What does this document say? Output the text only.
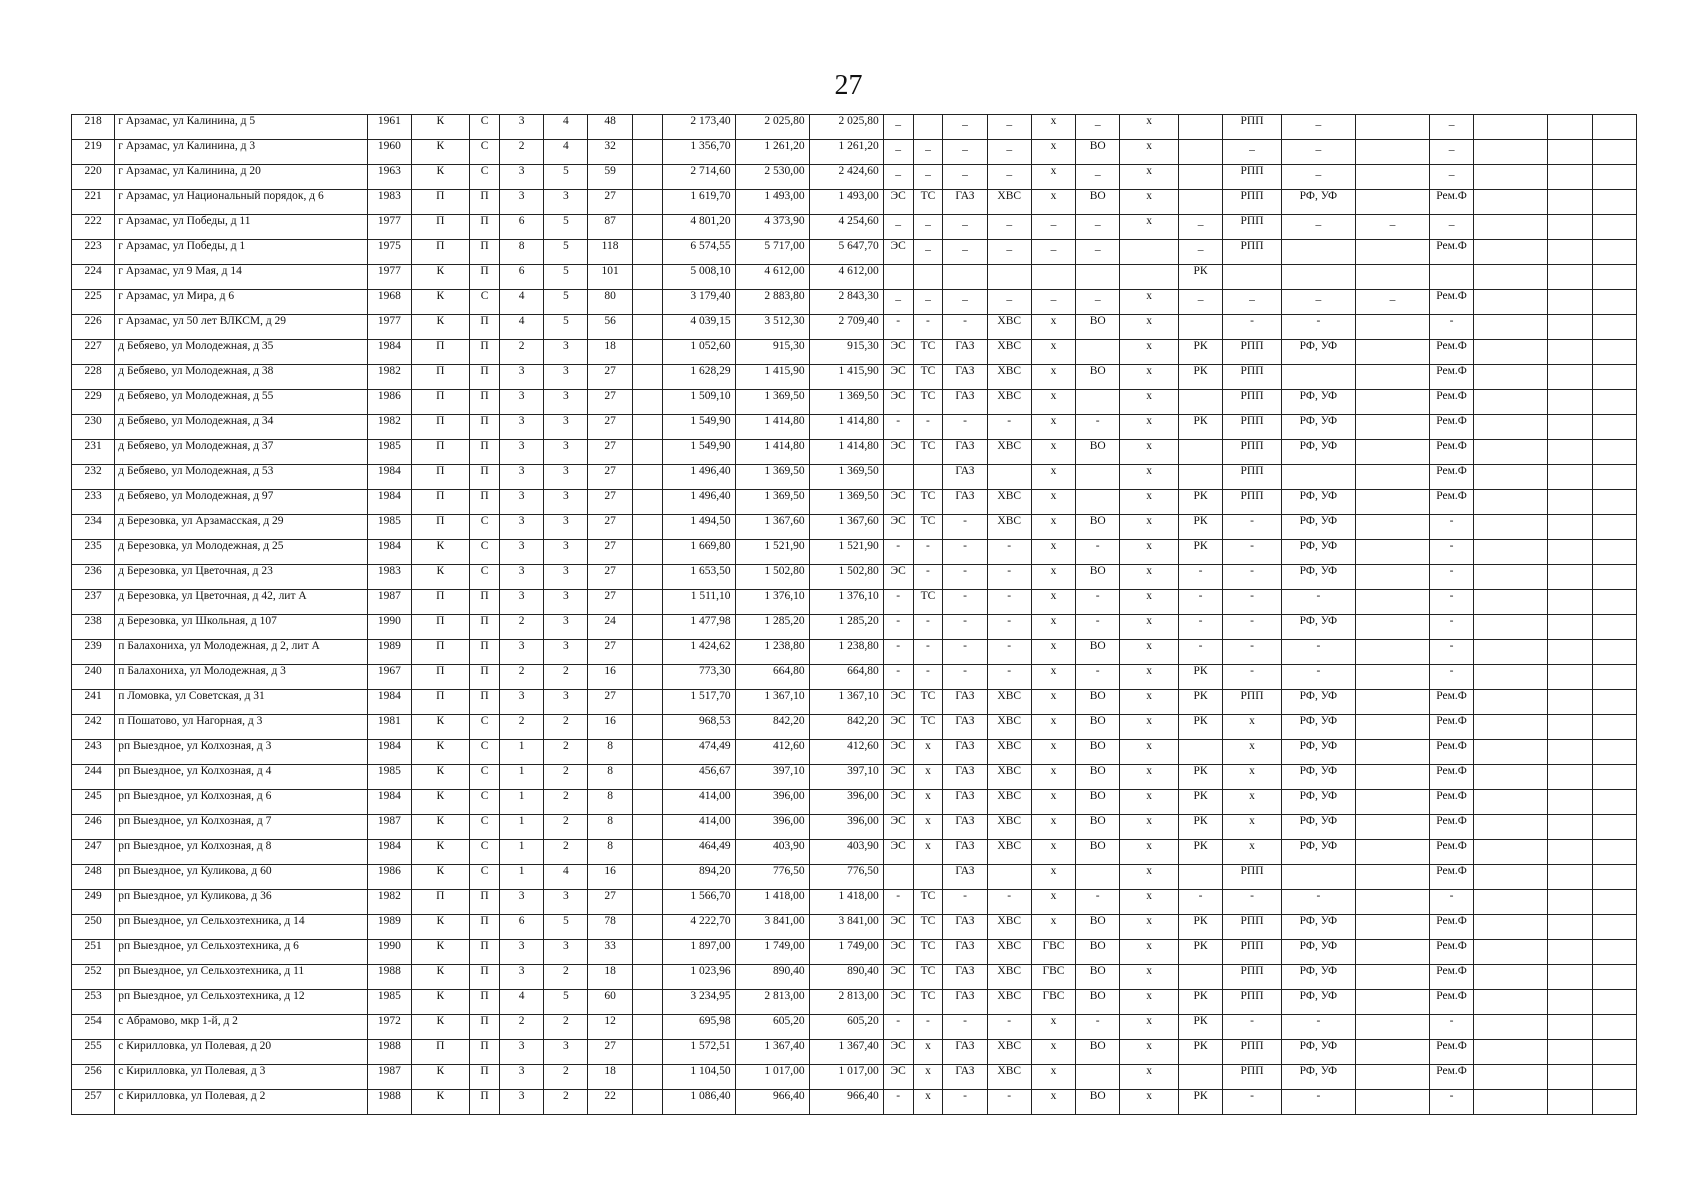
27
218	г Арзамас, ул Калинина, д 5	1961	К	С	3	4	48		2 173,40	2 025,80	2 025,80	_		_	_	х	_	х		РПП	_		_			
219	г Арзамас, ул Калинина, д 3	1960	К	С	2	4	32		1 356,70	1 261,20	1 261,20	_	_	_	_	х	ВО	х		_	_		_			
220	г Арзамас, ул Калинина, д 20	1963	К	С	3	5	59		2 714,60	2 530,00	2 424,60	_	_	_	_	х	_	х		РПП	_		_			
221	г Арзамас, ул Национальный порядок, д 6	1983	П	П	3	3	27		1 619,70	1 493,00	1 493,00	ЭС	ТС	ГАЗ	ХВС	х	ВО	х		РПП	РФ, УФ		Рем.Ф			
222	г Арзамас, ул Победы, д 11	1977	П	П	6	5	87		4 801,20	4 373,90	4 254,60	_	_	_	_	_	_	х	_	РПП	_	_	_			
223	г Арзамас, ул Победы, д 1	1975	П	П	8	5	118		6 574,55	5 717,00	5 647,70	ЭС	_	_	_	_	_		_	РПП			Рем.Ф			
224	г Арзамас, ул 9 Мая, д 14	1977	К	П	6	5	101		5 008,10	4 612,00	4 612,00								РК							
225	г Арзамас, ул Мира, д 6	1968	К	С	4	5	80		3 179,40	2 883,80	2 843,30	_	_	_	_	_	_	х	_	_	_	_	Рем.Ф			
226	г Арзамас, ул 50 лет ВЛКСМ, д 29	1977	К	П	4	5	56		4 039,15	3 512,30	2 709,40	-	-	-	ХВС	х	ВО	х		-	-		-			
227	д Бебяево, ул Молодежная, д 35	1984	П	П	2	3	18		1 052,60	915,30	915,30	ЭС	ТС	ГАЗ	ХВС	х		х	РК	РПП	РФ, УФ		Рем.Ф			
228	д Бебяево, ул Молодежная, д 38	1982	П	П	3	3	27		1 628,29	1 415,90	1 415,90	ЭС	ТС	ГАЗ	ХВС	х	ВО	х	РК	РПП			Рем.Ф			
229	д Бебяево, ул Молодежная, д 55	1986	П	П	3	3	27		1 509,10	1 369,50	1 369,50	ЭС	ТС	ГАЗ	ХВС	х		х		РПП	РФ, УФ		Рем.Ф			
230	д Бебяево, ул Молодежная, д 34	1982	П	П	3	3	27		1 549,90	1 414,80	1 414,80	-	-	-	-	х	-	х	РК	РПП	РФ, УФ		Рем.Ф			
231	д Бебяево, ул Молодежная, д 37	1985	П	П	3	3	27		1 549,90	1 414,80	1 414,80	ЭС	ТС	ГАЗ	ХВС	х	ВО	х		РПП	РФ, УФ		Рем.Ф			
232	д Бебяево, ул Молодежная, д 53	1984	П	П	3	3	27		1 496,40	1 369,50	1 369,50			ГАЗ		х		х		РПП			Рем.Ф			
233	д Бебяево, ул Молодежная, д 97	1984	П	П	3	3	27		1 496,40	1 369,50	1 369,50	ЭС	ТС	ГАЗ	ХВС	х		х	РК	РПП	РФ, УФ		Рем.Ф			
234	д Березовка, ул Арзамасская, д 29	1985	П	С	3	3	27		1 494,50	1 367,60	1 367,60	ЭС	ТС	-	ХВС	х	ВО	х	РК	-	РФ, УФ		-			
235	д Березовка, ул Молодежная, д 25	1984	К	С	3	3	27		1 669,80	1 521,90	1 521,90	-	-	-	-	х	-	х	РК	-	РФ, УФ		-			
236	д Березовка, ул Цветочная, д 23	1983	К	С	3	3	27		1 653,50	1 502,80	1 502,80	ЭС	-	-	-	х	ВО	х	-	-	РФ, УФ		-			
237	д Березовка, ул Цветочная, д 42, лит А	1987	П	П	3	3	27		1 511,10	1 376,10	1 376,10	-	ТС	-	-	х	-	х	-	-	-		-			
238	д Березовка, ул Школьная, д 107	1990	П	П	2	3	24		1 477,98	1 285,20	1 285,20	-	-	-	-	х	-	х	-	-	РФ, УФ		-			
239	п Балахониха, ул Молодежная, д 2, лит А	1989	П	П	3	3	27		1 424,62	1 238,80	1 238,80	-	-	-	-	х	ВО	х	-	-	-		-			
240	п Балахониха, ул Молодежная, д 3	1967	П	П	2	2	16		773,30	664,80	664,80	-	-	-	-	х	-	х	РК	-	-		-			
241	п Ломовка, ул Советская, д 31	1984	П	П	3	3	27		1 517,70	1 367,10	1 367,10	ЭС	ТС	ГАЗ	ХВС	х	ВО	х	РК	РПП	РФ, УФ		Рем.Ф			
242	п Пошатово, ул Нагорная, д 3	1981	К	С	2	2	16		968,53	842,20	842,20	ЭС	ТС	ГАЗ	ХВС	х	ВО	х	РК	х	РФ, УФ		Рем.Ф			
243	рп Выездное, ул Колхозная, д 3	1984	К	С	1	2	8		474,49	412,60	412,60	ЭС	х	ГАЗ	ХВС	х	ВО	х		х	РФ, УФ		Рем.Ф			
244	рп Выездное, ул Колхозная, д 4	1985	К	С	1	2	8		456,67	397,10	397,10	ЭС	х	ГАЗ	ХВС	х	ВО	х	РК	х	РФ, УФ		Рем.Ф			
245	рп Выездное, ул Колхозная, д 6	1984	К	С	1	2	8		414,00	396,00	396,00	ЭС	х	ГАЗ	ХВС	х	ВО	х	РК	х	РФ, УФ		Рем.Ф			
246	рп Выездное, ул Колхозная, д 7	1987	К	С	1	2	8		414,00	396,00	396,00	ЭС	х	ГАЗ	ХВС	х	ВО	х	РК	х	РФ, УФ		Рем.Ф			
247	рп Выездное, ул Колхозная, д 8	1984	К	С	1	2	8		464,49	403,90	403,90	ЭС	х	ГАЗ	ХВС	х	ВО	х	РК	х	РФ, УФ		Рем.Ф			
248	рп Выездное, ул Куликова, д 60	1986	К	С	1	4	16		894,20	776,50	776,50			ГАЗ		х		х		РПП			Рем.Ф			
249	рп Выездное, ул Куликова, д 36	1982	П	П	3	3	27		1 566,70	1 418,00	1 418,00	-	ТС	-	-	х	-	х	-	-	-		-			
250	рп Выездное, ул Сельхозтехника, д 14	1989	К	П	6	5	78		4 222,70	3 841,00	3 841,00	ЭС	ТС	ГАЗ	ХВС	х	ВО	х	РК	РПП	РФ, УФ		Рем.Ф			
251	рп Выездное, ул Сельхозтехника, д 6	1990	К	П	3	3	33		1 897,00	1 749,00	1 749,00	ЭС	ТС	ГАЗ	ХВС	ГВС	ВО	х	РК	РПП	РФ, УФ		Рем.Ф			
252	рп Выездное, ул Сельхозтехника, д 11	1988	К	П	3	2	18		1 023,96	890,40	890,40	ЭС	ТС	ГАЗ	ХВС	ГВС	ВО	х		РПП	РФ, УФ		Рем.Ф			
253	рп Выездное, ул Сельхозтехника, д 12	1985	К	П	4	5	60		3 234,95	2 813,00	2 813,00	ЭС	ТС	ГАЗ	ХВС	ГВС	ВО	х	РК	РПП	РФ, УФ		Рем.Ф			
254	с Абрамово, мкр 1-й, д 2	1972	К	П	2	2	12		695,98	605,20	605,20	-	-	-	-	х	-	х	РК	-	-		-			
255	с Кирилловка, ул Полевая, д 20	1988	П	П	3	3	27		1 572,51	1 367,40	1 367,40	ЭС	х	ГАЗ	ХВС	х	ВО	х	РК	РПП	РФ, УФ		Рем.Ф			
256	с Кирилловка, ул Полевая, д 3	1987	К	П	3	2	18		1 104,50	1 017,00	1 017,00	ЭС	х	ГАЗ	ХВС	х		х		РПП	РФ, УФ		Рем.Ф			
257	с Кирилловка, ул Полевая, д 2	1988	К	П	3	2	22		1 086,40	966,40	966,40	-	х	-	-	х	ВО	х	РК	-	-		-			
